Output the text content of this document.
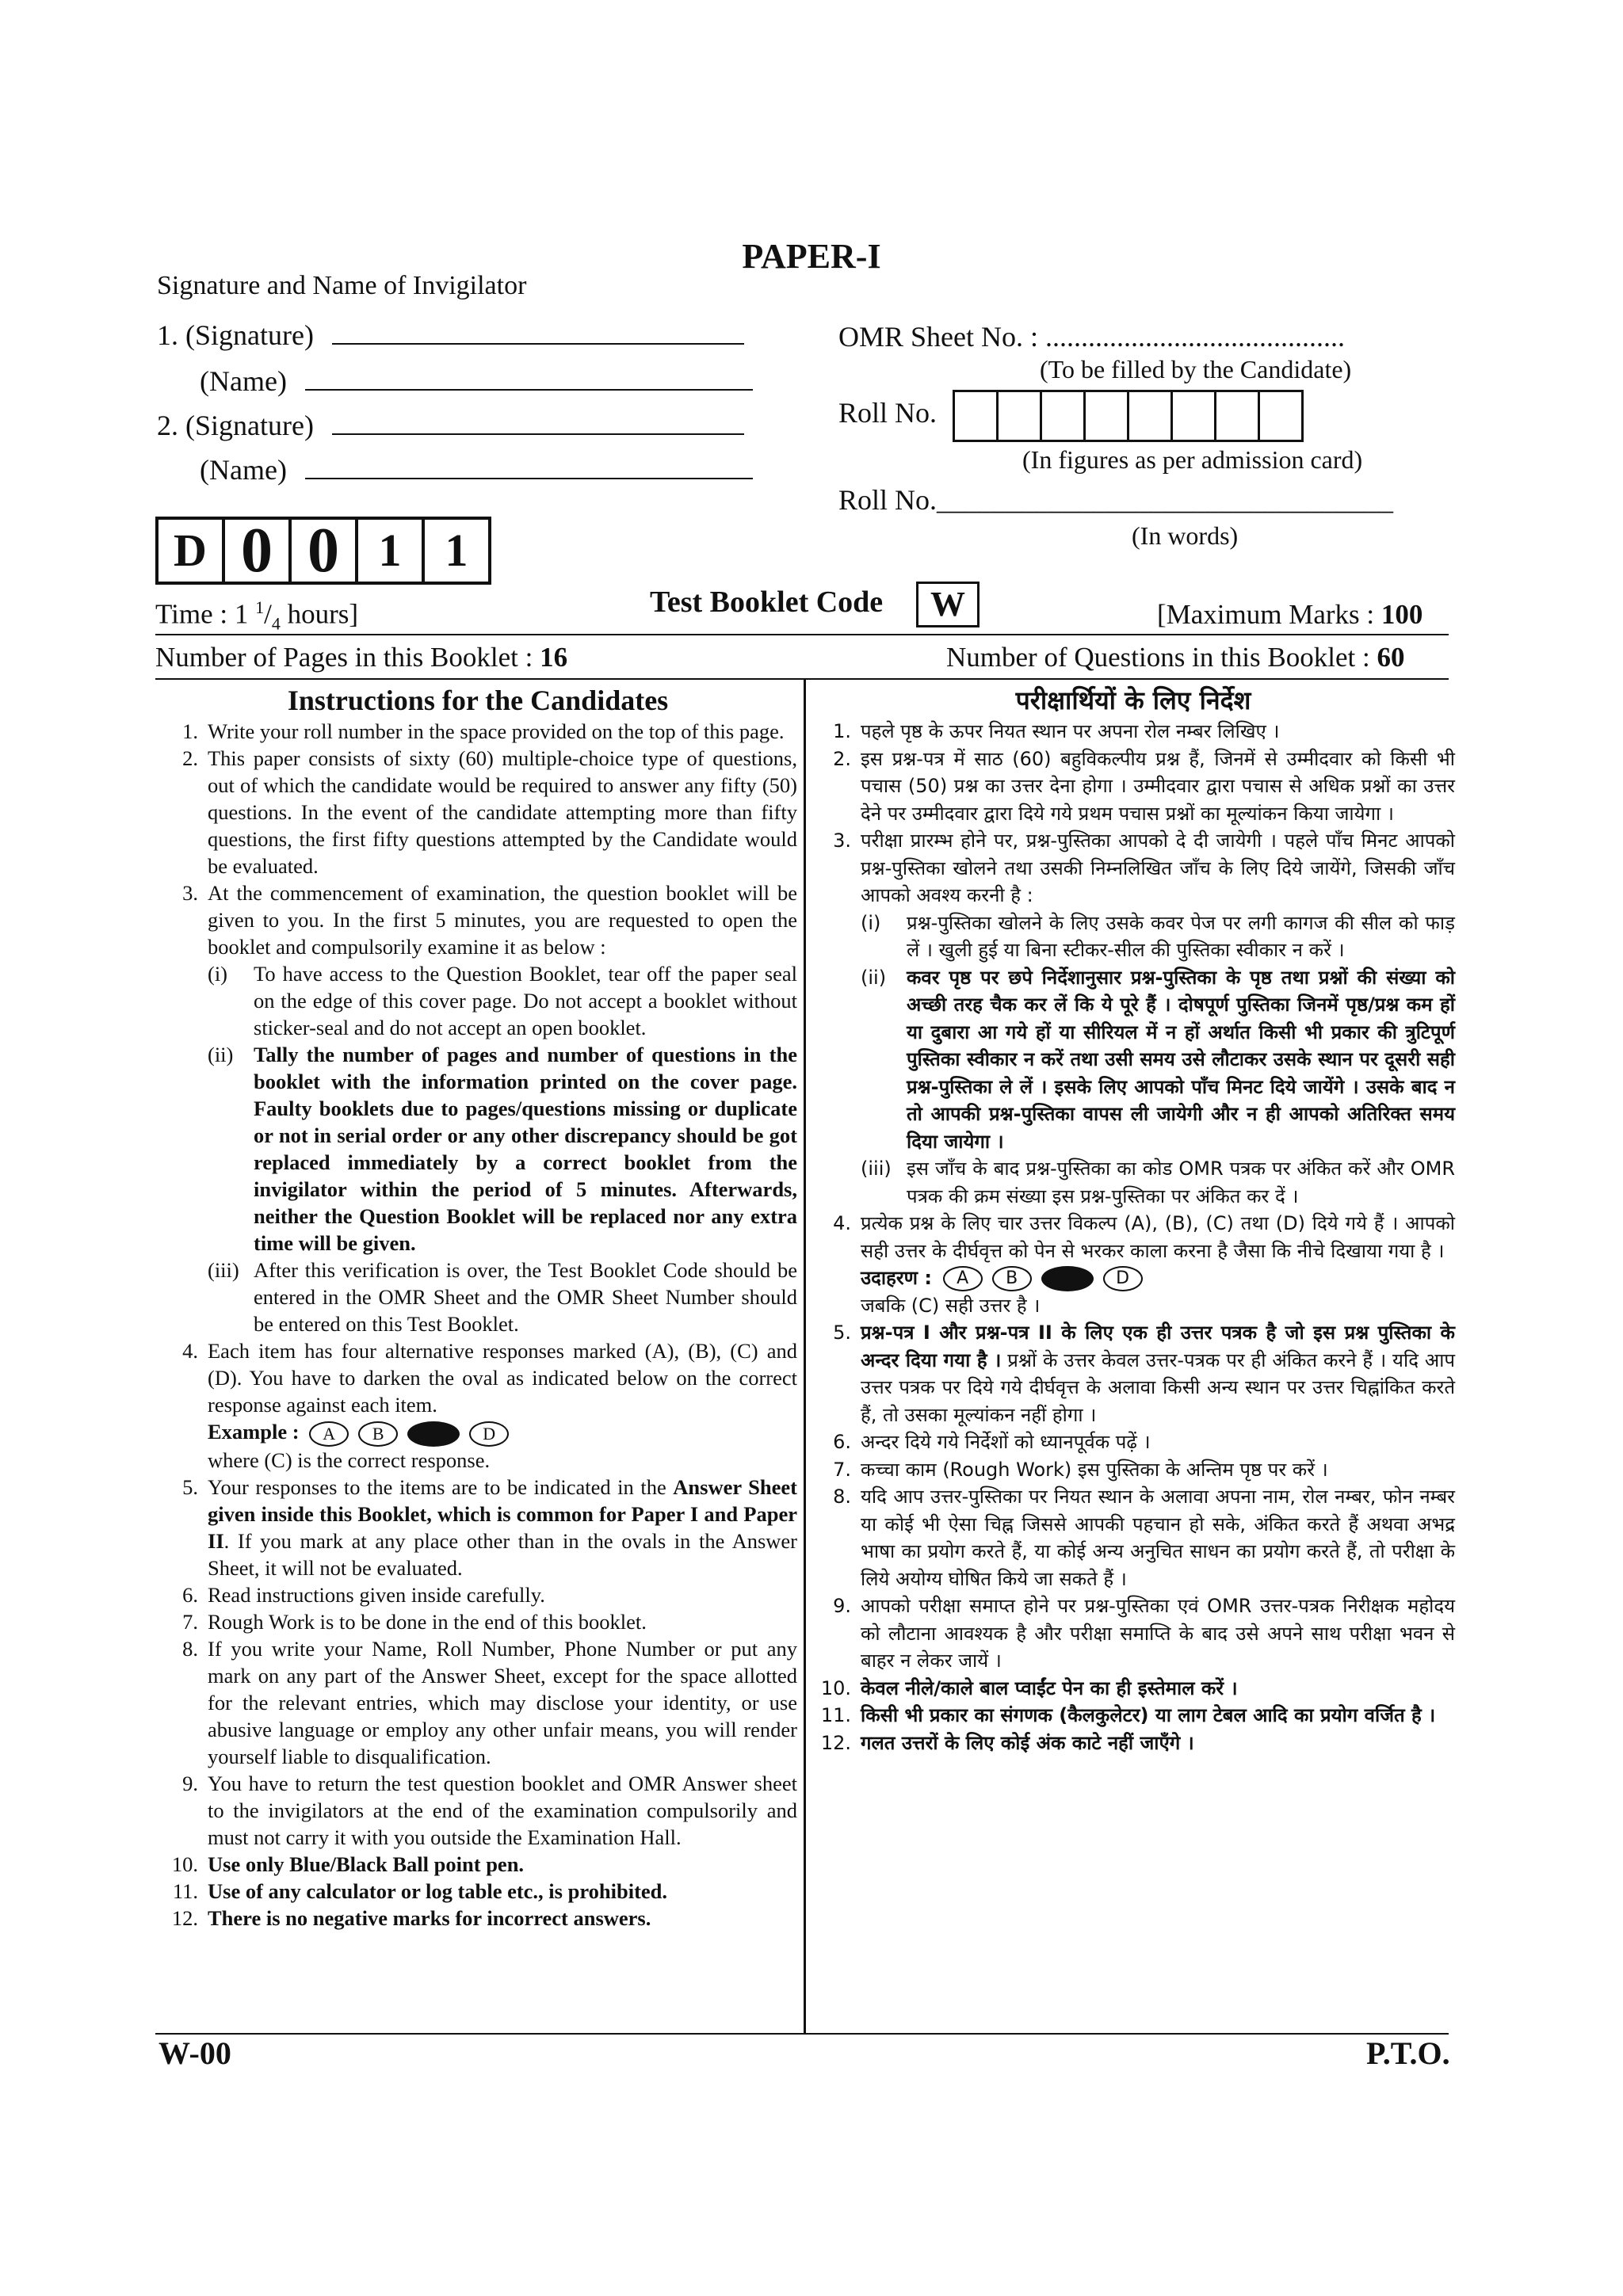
PAPER-I
Signature and Name of Invigilator
1. (Signature)
(Name)
2. (Signature)
(Name)
D 0 0 1 1
OMR Sheet No. : ..........................................
(To be filled by the Candidate)
Roll No.
(In figures as per admission card)
Roll No.________________________________
(In words)
Time : 1 $^1/_4$ hours]	Test Booklet Code	W	[Maximum Marks : 100
Number of Pages in this Booklet : 16	Number of Questions in this Booklet : 60
Instructions for the Candidates
1. Write your roll number in the space provided on the top of this page.
2. This paper consists of sixty (60) multiple-choice type of questions, out of which the candidate would be required to answer any fifty (50) questions. In the event of the candidate attempting more than fifty questions, the first fifty questions attempted by the Candidate would be evaluated.
3. At the commencement of examination, the question booklet will be given to you. In the first 5 minutes, you are requested to open the booklet and compulsorily examine it as below :
(i)	To have access to the Question Booklet, tear off the paper seal on the edge of this cover page. Do not accept a booklet without sticker-seal and do not accept an open booklet.
(ii) Tally the number of pages and number of questions in the booklet with the information printed on the cover page. Faulty booklets due to pages/questions missing or duplicate or not in serial order or any other discrepancy should be got replaced immediately by a correct booklet from the invigilator within the period of 5 minutes. Afterwards, neither the Question Booklet will be replaced nor any extra time will be given.
(iii) After this verification is over, the Test Booklet Code should be entered in the OMR Sheet and the OMR Sheet Number should be entered on this Test Booklet.
4. Each item has four alternative responses marked (A), (B), (C) and (D). You have to darken the oval as indicated below on the correct response against each item.
Example : A B	D
where (C) is the correct response.
5. Your responses to the items are to be indicated in the Answer Sheet given inside this Booklet, which is common for Paper I and Paper II. If you mark at any place other than in the ovals in the Answer Sheet, it will not be evaluated.
6. Read instructions given inside carefully.
7. Rough Work is to be done in the end of this booklet.
8. If you write your Name, Roll Number, Phone Number or put any mark on any part of the Answer Sheet, except for the space allotted for the relevant entries, which may disclose your identity, or use abusive language or employ any other unfair means, you will render yourself liable to disqualification.
9. You have to return the test question booklet and OMR Answer sheet to the invigilators at the end of the examination compulsorily and must not carry it with you outside the Examination Hall.
10. Use only Blue/Black Ball point pen.
11. Use of any calculator or log table etc., is prohibited.
12. There is no negative marks for incorrect answers.
परीक्षार्थियों के लिए निर्देश
1. पहले पृष्ठ के ऊपर नियत स्थान पर अपना रोल नम्बर लिखिए ।
2. इस प्रश्न-पत्र में साठ (60) बहुविकल्पीय प्रश्न हैं, जिनमें से उम्मीदवार को किसी भी पचास (50) प्रश्न का उत्तर देना होगा । उम्मीदवार द्वारा पचास से अधिक प्रश्नों का उत्तर देने पर उम्मीदवार द्वारा दिये गये प्रथम पचास प्रश्नों का मूल्यांकन किया जायेगा ।
3. परीक्षा प्रारम्भ होने पर, प्रश्न-पुस्तिका आपको दे दी जायेगी । पहले पाँच मिनट आपको प्रश्न-पुस्तिका खोलने तथा उसकी निम्नलिखित जाँच के लिए दिये जायेंगे, जिसकी जाँच आपको अवश्य करनी है :
(i)	प्रश्न-पुस्तिका खोलने के लिए उसके कवर पेज पर लगी कागज की सील को फाड़ लें । खुली हुई या बिना स्टीकर-सील की पुस्तिका स्वीकार न करें ।
(ii)	कवर पृष्ठ पर छपे निर्देशानुसार प्रश्न-पुस्तिका के पृष्ठ तथा प्रश्नों की संख्या को अच्छी तरह चैक कर लें कि ये पूरे हैं । दोषपूर्ण पुस्तिका जिनमें पृष्ठ/प्रश्न कम हों या दुबारा आ गये हों या सीरियल में न हों अर्थात किसी भी प्रकार की त्रुटिपूर्ण पुस्तिका स्वीकार न करें तथा उसी समय उसे लौटाकर उसके स्थान पर दूसरी सही प्रश्न-पुस्तिका ले लें । इसके लिए आपको पाँच मिनट दिये जायेंगे । उसके बाद न तो आपकी प्रश्न-पुस्तिका वापस ली जायेगी और न ही आपको अतिरिक्त समय दिया जायेगा ।
(iii) इस जाँच के बाद प्रश्न-पुस्तिका का कोड OMR पत्रक पर अंकित करें और OMR पत्रक की क्रम संख्या इस प्रश्न-पुस्तिका पर अंकित कर दें ।
4. प्रत्येक प्रश्न के लिए चार उत्तर विकल्प (A), (B), (C) तथा (D) दिये गये हैं । आपको सही उत्तर के दीर्घवृत्त को पेन से भरकर काला करना है जैसा कि नीचे दिखाया गया है ।
उदाहरण : A B	D
जबकि (C) सही उत्तर है ।
5. प्रश्न-पत्र I और प्रश्न-पत्र II के लिए एक ही उत्तर पत्रक है जो इस प्रश्न पुस्तिका के अन्दर दिया गया है । प्रश्नों के उत्तर केवल उत्तर-पत्रक पर ही अंकित करने हैं । यदि आप उत्तर पत्रक पर दिये गये दीर्घवृत्त के अलावा किसी अन्य स्थान पर उत्तर चिह्नांकित करते हैं, तो उसका मूल्यांकन नहीं होगा ।
6. अन्दर दिये गये निर्देशों को ध्यानपूर्वक पढ़ें ।
7. कच्चा काम (Rough Work) इस पुस्तिका के अन्तिम पृष्ठ पर करें ।
8. यदि आप उत्तर-पुस्तिका पर नियत स्थान के अलावा अपना नाम, रोल नम्बर, फोन नम्बर या कोई भी ऐसा चिह्न जिससे आपकी पहचान हो सके, अंकित करते हैं अथवा अभद्र भाषा का प्रयोग करते हैं, या कोई अन्य अनुचित साधन का प्रयोग करते हैं, तो परीक्षा के लिये अयोग्य घोषित किये जा सकते हैं ।
9. आपको परीक्षा समाप्त होने पर प्रश्न-पुस्तिका एवं OMR उत्तर-पत्रक निरीक्षक महोदय को लौटाना आवश्यक है और परीक्षा समाप्ति के बाद उसे अपने साथ परीक्षा भवन से बाहर न लेकर जायें ।
10. केवल नीले/काले बाल प्वाईंट पेन का ही इस्तेमाल करें ।
11. किसी भी प्रकार का संगणक (कैलकुलेटर) या लाग टेबल आदि का प्रयोग वर्जित है ।
12. गलत उत्तरों के लिए कोई अंक काटे नहीं जाएँगे ।
W-00	P.T.O.
